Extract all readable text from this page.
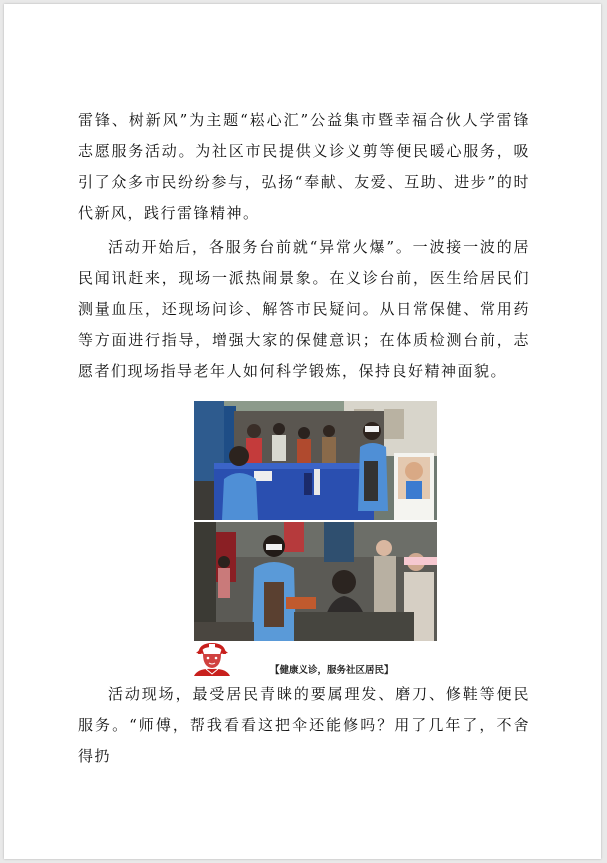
雷锋、树新风”为主题“崧心汇”公益集市暨幸福合伙人学雷锋志愿服务活动。为社区市民提供义诊义剪等便民暖心服务，吸引了众多市民纷纷参与，弘扬“奉献、友爱、互助、进步”的时代新风，践行雷锋精神。

活动开始后，各服务台前就“异常火爆”。一波接一波的居民闻讯赶来，现场一派热闹景象。在义诊台前，医生给居民们测量血压，还现场问诊、解答市民疑问。从日常保健、常用药等方面进行指导，增强大家的保健意识；在体质检测台前，志愿者们现场指导老年人如何科学锻炼，保持良好精神面貌。

【健康义诊，服务社区居民】

活动现场，最受居民青睐的要属理发、磨刀、修鞋等便民服务。“师傅，帮我看看这把伞还能修吗？用了几年了，不舍得扔
